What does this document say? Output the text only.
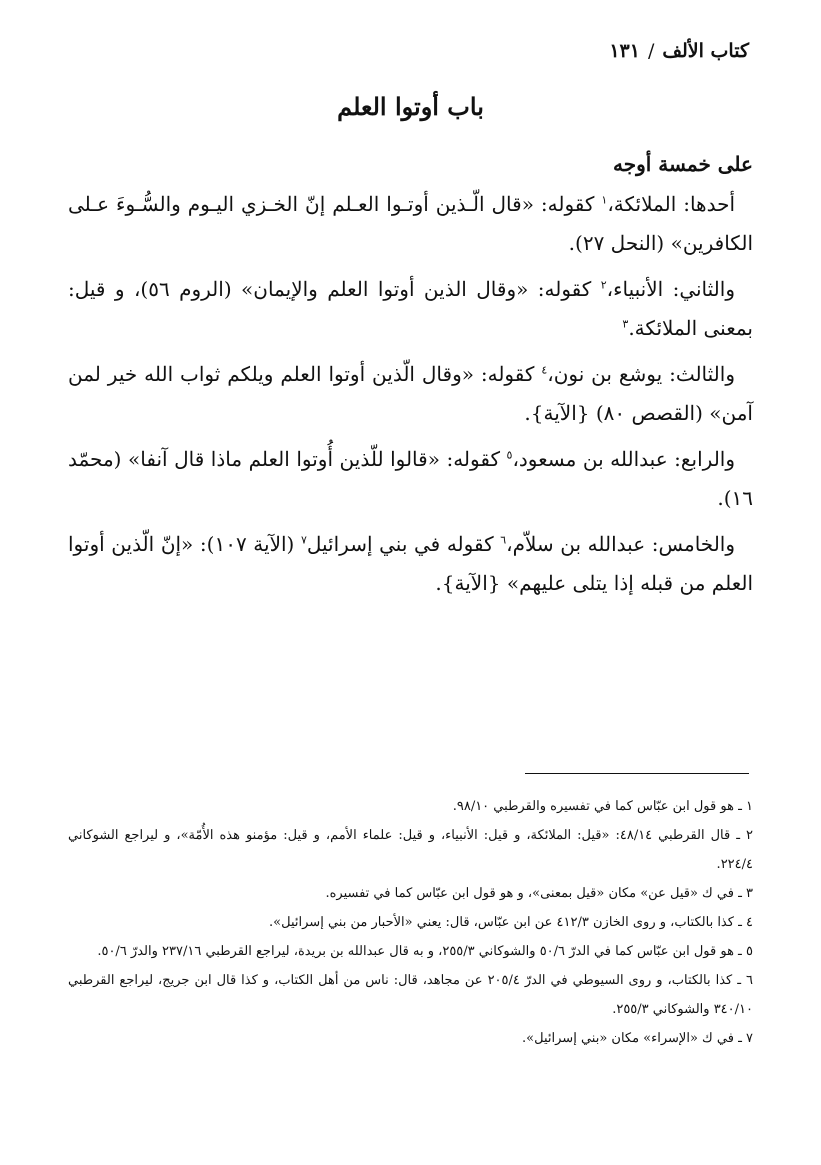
كتاب الألف/١٣١
باب أوتوا العلم

على خمسة أوجه

أحدها: الملائكة،$^١$ كقوله: «قال الّـذين أوتـوا العـلم إنّ الخـزي اليـوم والسُّـوءَ عـلى الكافرين» (النحل ٢٧).

والثاني: الأنبياء،$^٢$ كقوله: «وقال الذين أوتوا العلم والإيمان» (الروم ٥٦)، و قيل: بمعنى الملائكة.$^٣$

والثالث: يوشع بن نون،$^٤$ كقوله: «وقال الّذين أوتوا العلم ويلكم ثواب الله خير لمن آمن» (القصص ٨٠) {الآية}.

والرابع: عبدالله بن مسعود،$^٥$ كقوله: «قالوا للّذين أُوتوا العلم ماذا قال آنفا» (محمّد ١٦).

والخامس: عبدالله بن سلاّم،$^٦$ كقوله في بني إسرائيل$^٧$ (الآية ١٠٧): «إنّ الّذين أوتوا العلم من قبله إذا يتلى عليهم» {الآية}.

١ ـ هو قول ابن عبّاس كما في تفسيره والقرطبي ٩٨/١٠.

٢ ـ قال القرطبي ٤٨/١٤: «قيل: الملائكة، و قيل: الأنبياء، و قيل: علماء الأمم، و قيل: مؤمنو هذه الأُمّة»، و ليراجع الشوكاني ٢٢٤/٤.

٣ ـ في ك «قيل عن» مكان «قيل بمعنى»، و هو قول ابن عبّاس كما في تفسيره.

٤ ـ كذا بالكتاب، و روى الخازن ٤١٢/٣ عن ابن عبّاس، قال: يعني «الأحبار من بني إسرائيل».

٥ ـ هو قول ابن عبّاس كما في الدرّ ٥٠/٦ والشوكاني ٢٥٥/٣، و به قال عبدالله بن بريدة، ليراجع القرطبي ٢٣٧/١٦ والدرّ ٥٠/٦.

٦ ـ كذا بالكتاب، و روى السيوطي في الدرّ ٢٠٥/٤ عن مجاهد، قال: ناس من أهل الكتاب، و كذا قال ابن جريج، ليراجع القرطبي ٣٤٠/١٠ والشوكاني ٢٥٥/٣.

٧ ـ في ك «الإسراء» مكان «بني إسرائيل».
